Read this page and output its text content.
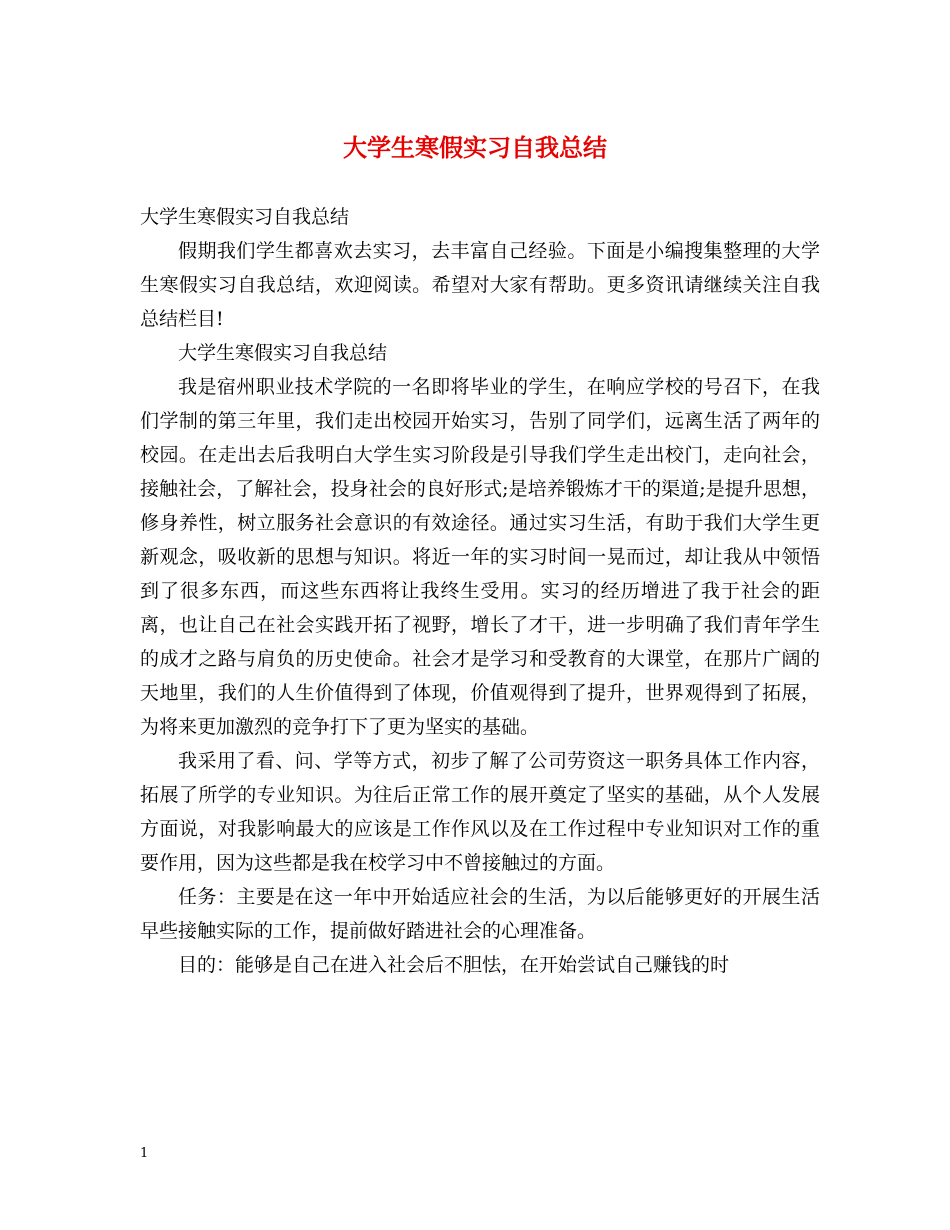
大学生寒假实习自我总结

大学生寒假实习自我总结

假期我们学生都喜欢去实习，去丰富自己经验。下面是小编搜集整理的大学生寒假实习自我总结，欢迎阅读。希望对大家有帮助。更多资讯请继续关注自我总结栏目!

大学生寒假实习自我总结

我是宿州职业技术学院的一名即将毕业的学生，在响应学校的号召下，在我们学制的第三年里，我们走出校园开始实习，告别了同学们，远离生活了两年的校园。在走出去后我明白大学生实习阶段是引导我们学生走出校门，走向社会，接触社会，了解社会，投身社会的良好形式;是培养锻炼才干的渠道;是提升思想，修身养性，树立服务社会意识的有效途径。通过实习生活，有助于我们大学生更新观念，吸收新的思想与知识。将近一年的实习时间一晃而过，却让我从中领悟到了很多东西，而这些东西将让我终生受用。实习的经历增进了我于社会的距离，也让自己在社会实践开拓了视野，增长了才干，进一步明确了我们青年学生的成才之路与肩负的历史使命。社会才是学习和受教育的大课堂，在那片广阔的天地里，我们的人生价值得到了体现，价值观得到了提升，世界观得到了拓展，为将来更加激烈的竞争打下了更为坚实的基础。

我采用了看、问、学等方式，初步了解了公司劳资这一职务具体工作内容，拓展了所学的专业知识。为往后正常工作的展开奠定了坚实的基础，从个人发展方面说，对我影响最大的应该是工作作风以及在工作过程中专业知识对工作的重要作用，因为这些都是我在校学习中不曾接触过的方面。

任务：主要是在这一年中开始适应社会的生活，为以后能够更好的开展生活早些接触实际的工作，提前做好踏进社会的心理准备。

目的：能够是自己在进入社会后不胆怯，在开始尝试自己赚钱的时

1
